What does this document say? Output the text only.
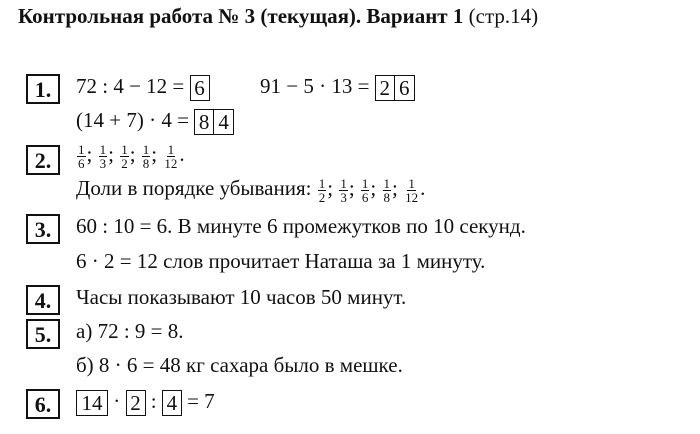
Контрольная работа № 3 (текущая). Вариант 1 (стр.14)
1.	72 : 4 − 12 = 6	91 − 5 · 13 = 2 6
(14 + 7) · 4 = 8 4
2.	$\frac{1}{6}$ ; $\frac{1}{3}$ ; $\frac{1}{2}$ ; $\frac{1}{8}$ ; $\frac{1}{12}$ .
Доли в порядке убывания: $\frac{1}{2}$ ; $\frac{1}{3}$ ; $\frac{1}{6}$ ; $\frac{1}{8}$ ; $\frac{1}{12}$ .
3.	60 : 10 = 6. В минуте 6 промежутков по 10 секунд.
6 · 2 = 12 слов прочитает Наташа за 1 минуту.
4.	Часы показывают 10 часов 50 минут.
5.	а) 72 : 9 = 8.
б) 8 · 6 = 48 кг сахара было в мешке.
6.	14 · 2 : 4 = 7
